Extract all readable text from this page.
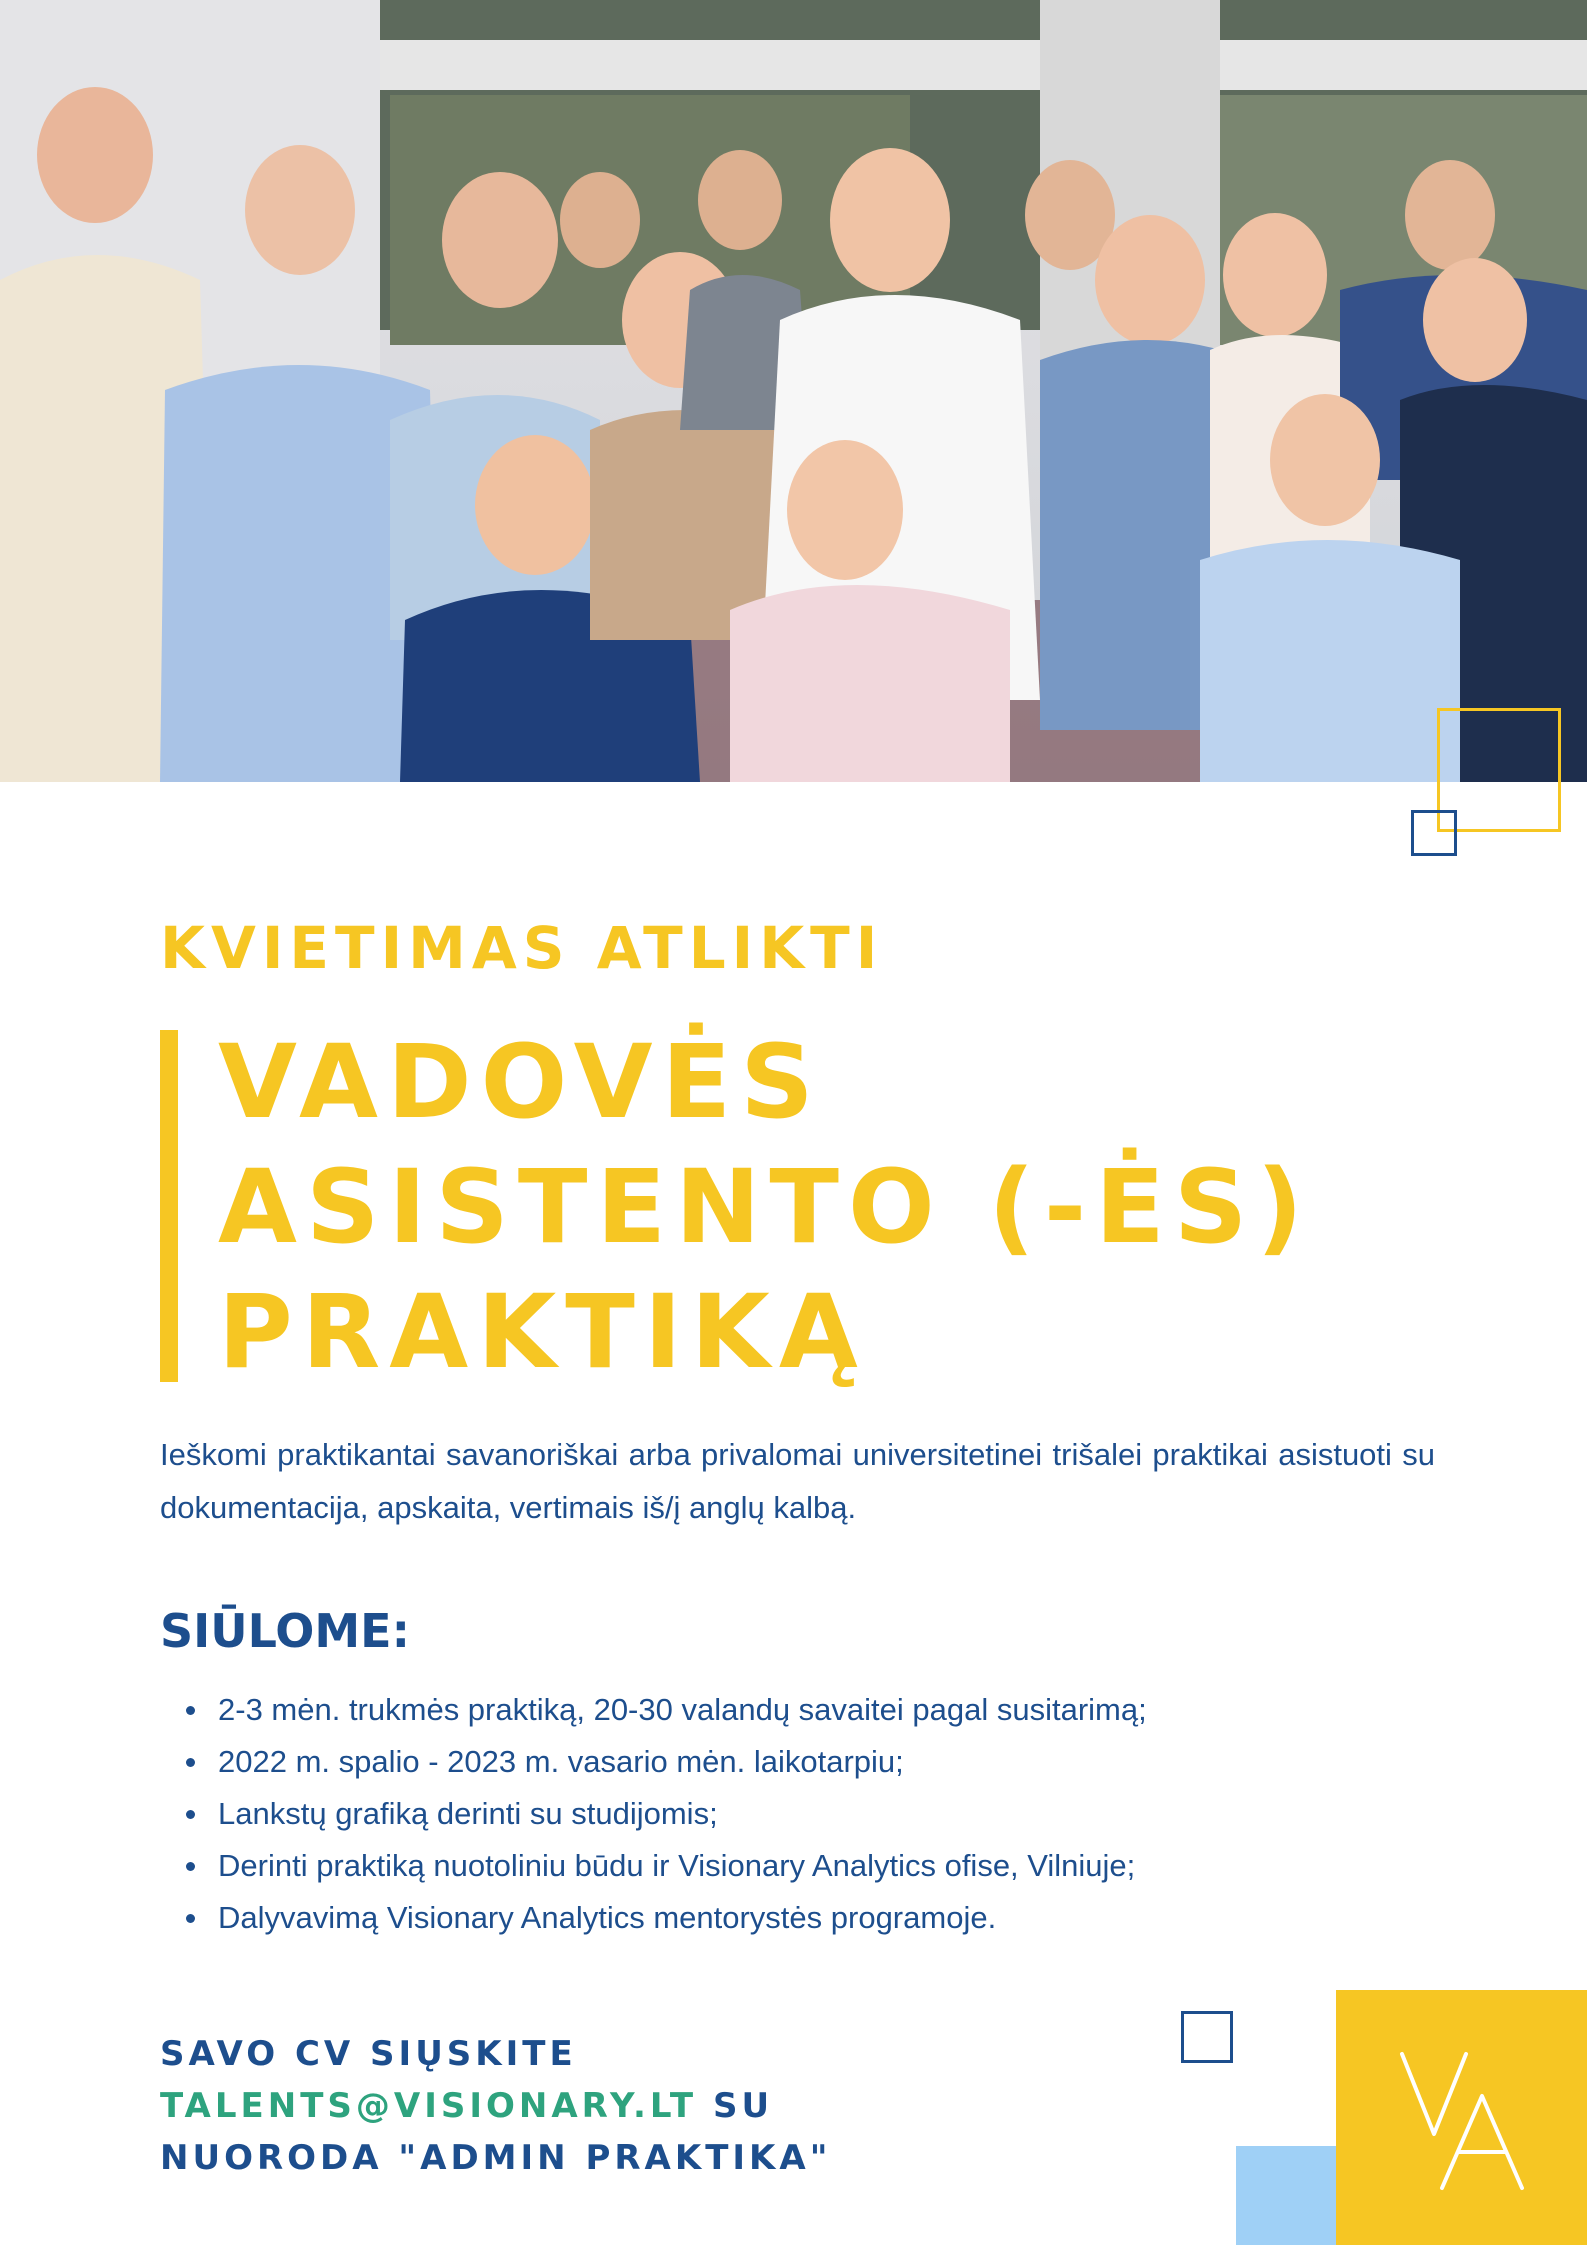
KVIETIMAS ATLIKTI
VADOVĖS
ASISTENTO (-ĖS)
PRAKTIKĄ
Ieškomi praktikantai savanoriškai arba privalomai universitetinei trišalei praktikai asistuoti su dokumentacija, apskaita, vertimais iš/į anglų kalbą.
SIŪLOME:
2-3 mėn. trukmės praktiką, 20-30 valandų savaitei pagal susitarimą;
2022 m. spalio - 2023 m. vasario mėn. laikotarpiu;
Lankstų grafiką derinti su studijomis;
Derinti praktiką nuotoliniu būdu ir Visionary Analytics ofise, Vilniuje;
Dalyvavimą Visionary Analytics mentorystės programoje.
SAVO CV SIŲSKITE
TALENTS@VISIONARY.LT SU
NUORODA "ADMIN PRAKTIKA"
